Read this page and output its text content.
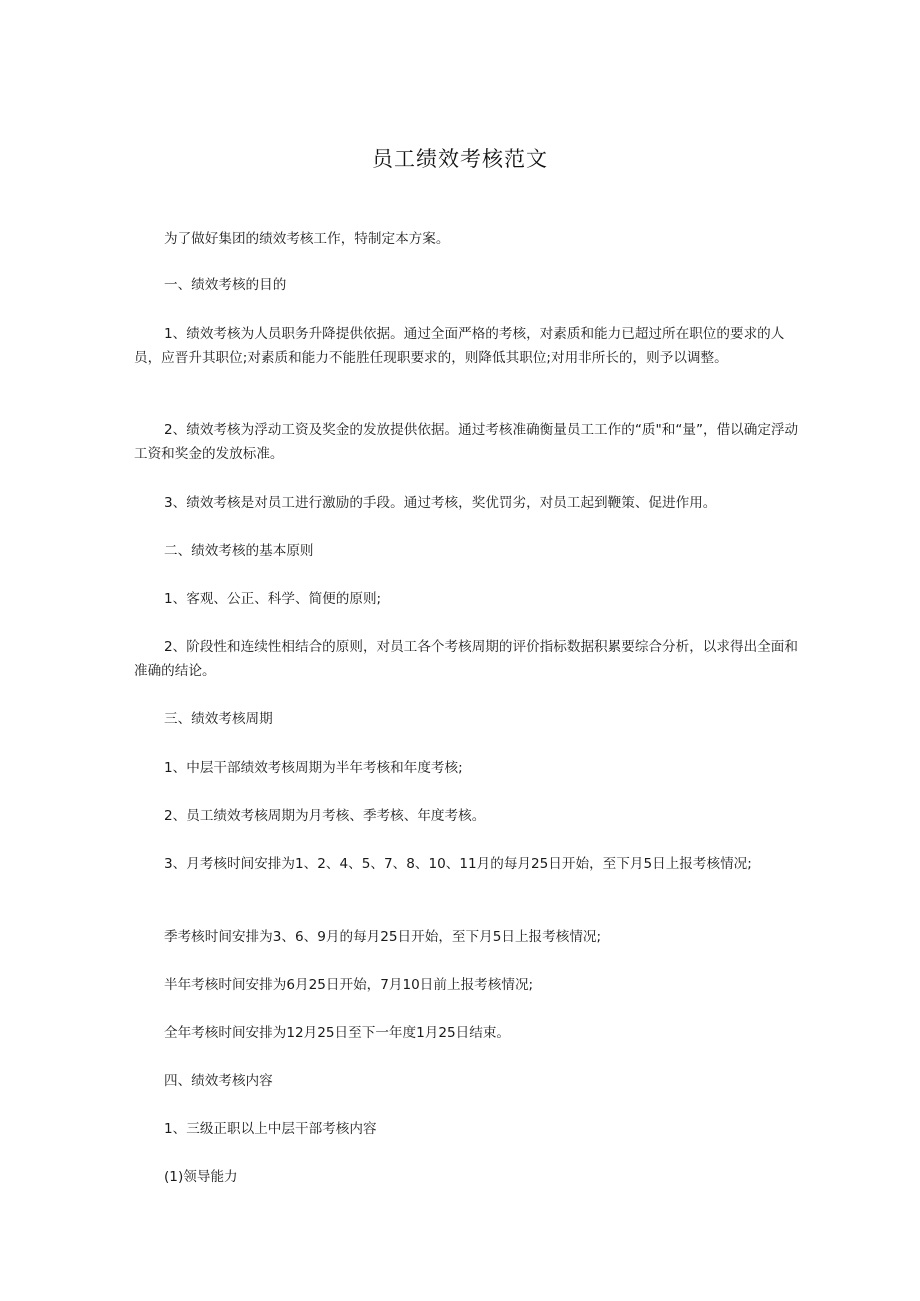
员工绩效考核范文

为了做好集团的绩效考核工作，特制定本方案。

一、绩效考核的目的

1、绩效考核为人员职务升降提供依据。通过全面严格的考核，对素质和能力已超过所在职位的要求的人员，应晋升其职位;对素质和能力不能胜任现职要求的，则降低其职位;对用非所长的，则予以调整。

2、绩效考核为浮动工资及奖金的发放提供依据。通过考核准确衡量员工工作的“质"和“量”，借以确定浮动工资和奖金的发放标准。

3、绩效考核是对员工进行激励的手段。通过考核，奖优罚劣，对员工起到鞭策、促进作用。

二、绩效考核的基本原则

1、客观、公正、科学、简便的原则;

2、阶段性和连续性相结合的原则，对员工各个考核周期的评价指标数据积累要综合分析，以求得出全面和准确的结论。

三、绩效考核周期

1、中层干部绩效考核周期为半年考核和年度考核;

2、员工绩效考核周期为月考核、季考核、年度考核。

3、月考核时间安排为1、2、4、5、7、8、10、11月的每月25日开始，至下月5日上报考核情况;

季考核时间安排为3、6、9月的每月25日开始，至下月5日上报考核情况;

半年考核时间安排为6月25日开始，7月10日前上报考核情况;

全年考核时间安排为12月25日至下一年度1月25日结束。

四、绩效考核内容

1、三级正职以上中层干部考核内容

(1)领导能力
